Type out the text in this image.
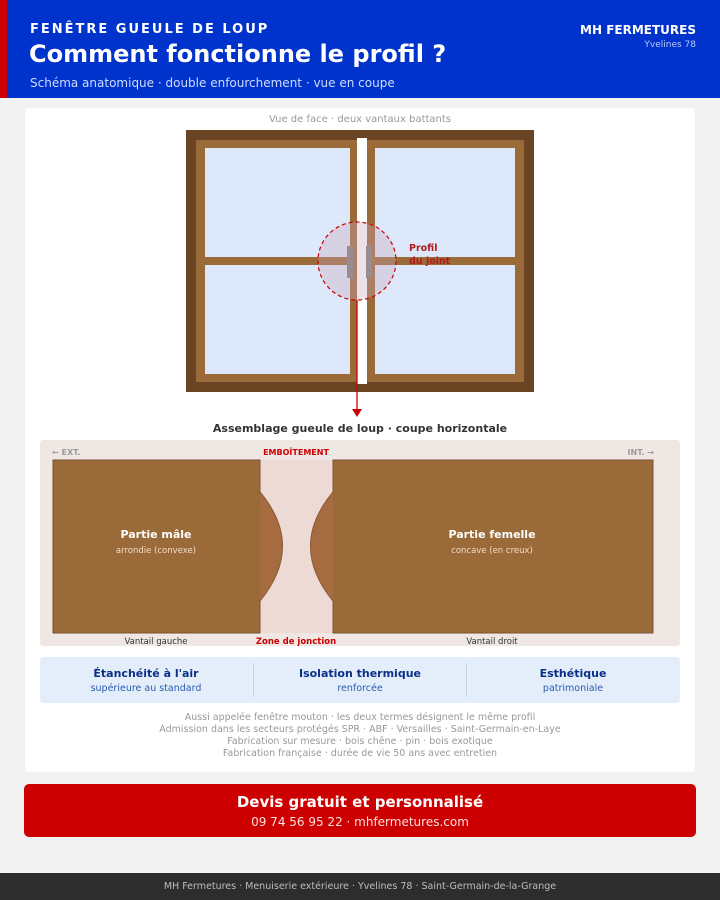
FENÊTRE GUEULE DE LOUP
Comment fonctionne le profil ?
Schéma anatomique · double enfourchement · vue en coupe
MH FERMETURES
Yvelines 78
Vue de face · deux vantaux battants
Profil
du joint
Assemblage gueule de loup · coupe horizontale
← EXT.	INT. →
EMBOÎTEMENT
Partie mâle
arrondie (convexe)
Partie femelle
concave (en creux)
Vantail gauche	Zone de jonction	Vantail droit
Étanchéité à l'air
supérieure au standard
Isolation thermique
renforcée
Esthétique
patrimoniale
Aussi appelée fenêtre mouton · les deux termes désignent le même profil
Admission dans les secteurs protégés SPR · ABF · Versailles · Saint-Germain-en-Laye
Fabrication sur mesure · bois chêne · pin · bois exotique
Fabrication française · durée de vie 50 ans avec entretien
Devis gratuit et personnalisé
09 74 56 95 22 · mhfermetures.com
MH Fermetures · Menuiserie extérieure · Yvelines 78 · Saint-Germain-de-la-Grange
